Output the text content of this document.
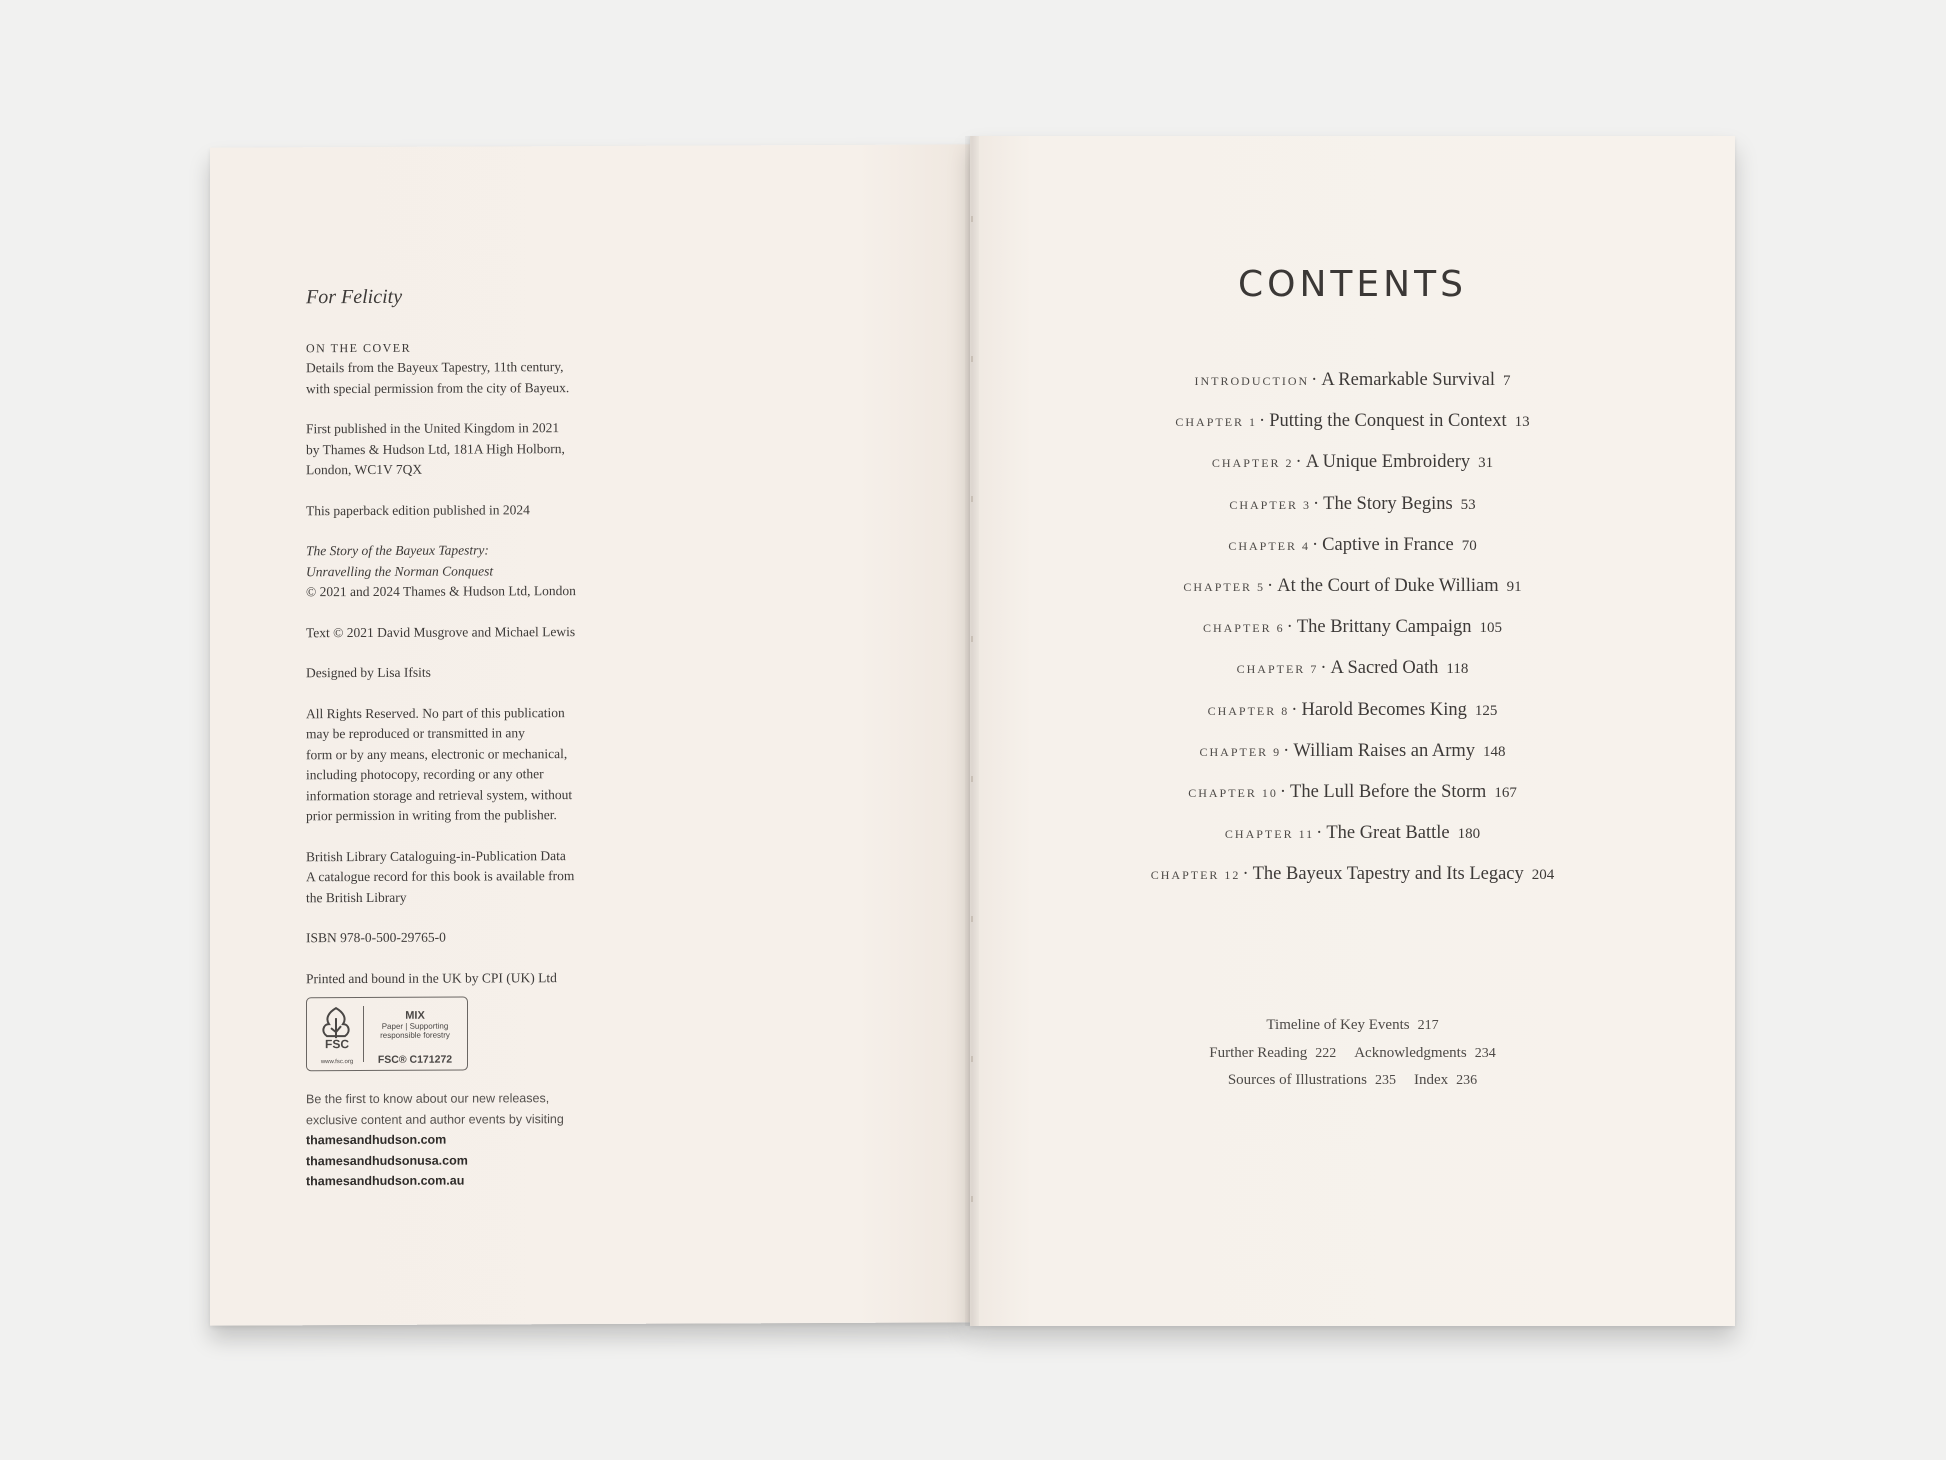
For Felicity
ON THE COVER
Details from the Bayeux Tapestry, 11th century,
with special permission from the city of Bayeux.
First published in the United Kingdom in 2021
by Thames & Hudson Ltd, 181A High Holborn,
London, WC1V 7QX
This paperback edition published in 2024
The Story of the Bayeux Tapestry:
Unravelling the Norman Conquest
© 2021 and 2024 Thames & Hudson Ltd, London
Text © 2021 David Musgrove and Michael Lewis
Designed by Lisa Ifsits
All Rights Reserved. No part of this publication
may be reproduced or transmitted in any
form or by any means, electronic or mechanical,
including photocopy, recording or any other
information storage and retrieval system, without
prior permission in writing from the publisher.
British Library Cataloguing-in-Publication Data
A catalogue record for this book is available from
the British Library
ISBN 978-0-500-29765-0
Printed and bound in the UK by CPI (UK) Ltd
FSC
www.fsc.org
MIX
Paper | Supporting
responsible forestry
FSC® C171272
Be the first to know about our new releases,
exclusive content and author events by visiting
thamesandhudson.com
thamesandhudsonusa.com
thamesandhudson.com.au
CONTENTS
INTRODUCTION · A Remarkable Survival 7
CHAPTER 1 · Putting the Conquest in Context 13
CHAPTER 2 · A Unique Embroidery 31
CHAPTER 3 · The Story Begins 53
CHAPTER 4 · Captive in France 70
CHAPTER 5 · At the Court of Duke William 91
CHAPTER 6 · The Brittany Campaign 105
CHAPTER 7 · A Sacred Oath 118
CHAPTER 8 · Harold Becomes King 125
CHAPTER 9 · William Raises an Army 148
CHAPTER 10 · The Lull Before the Storm 167
CHAPTER 11 · The Great Battle 180
CHAPTER 12 · The Bayeux Tapestry and Its Legacy 204
Timeline of Key Events 217
Further Reading 222 Acknowledgments 234
Sources of Illustrations 235 Index 236
